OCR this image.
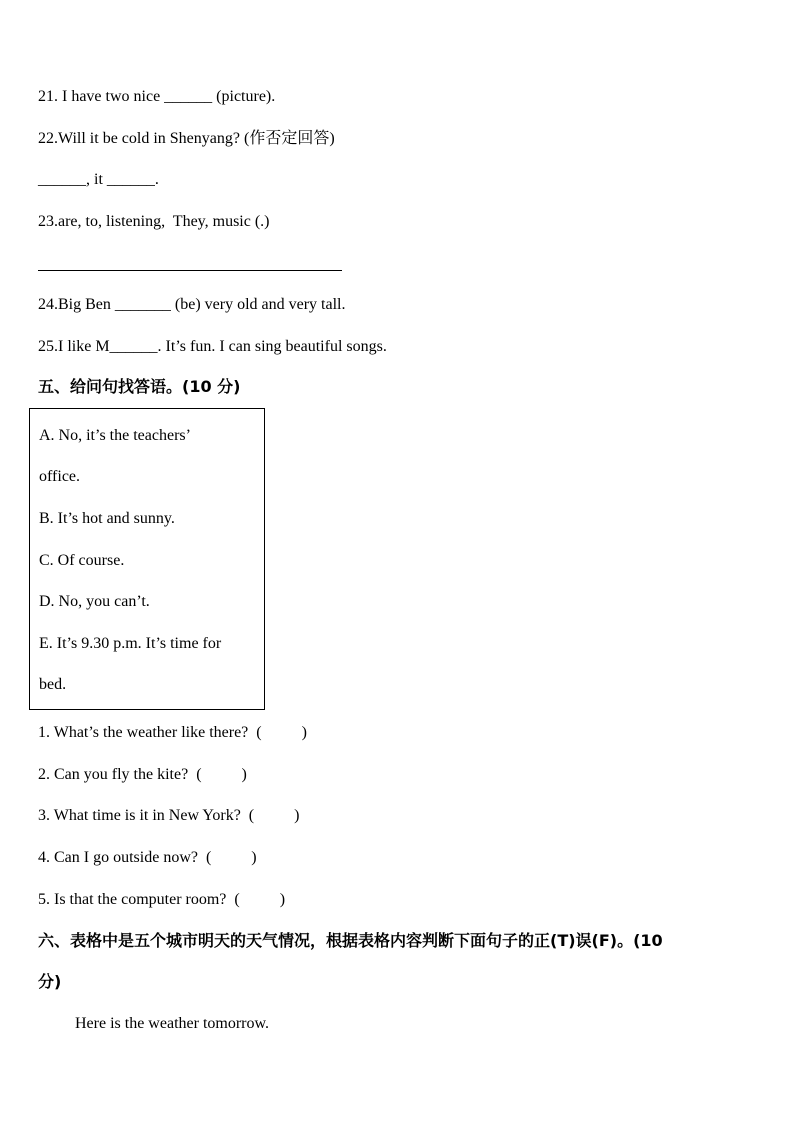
21. I have two nice ______ (picture).
22.Will it be cold in Shenyang? (作否定回答)
______, it ______.
23.are, to, listening,  They, music (.)
24.Big Ben _______ (be) very old and very tall.
25.I like M______. It’s fun. I can sing beautiful songs.
五、给问句找答语。(10 分)
A. No, it’s the teachers’
office.
B. It’s hot and sunny.
C. Of course.
D. No, you can’t.
E. It’s 9.30 p.m. It’s time for
bed.
1. What’s the weather like there?  (          )
2. Can you fly the kite?  (          )
3. What time is it in New York?  (          )
4. Can I go outside now?  (          )
5. Is that the computer room?  (          )
六、表格中是五个城市明天的天气情况，根据表格内容判断下面句子的正(T)误(F)。(10
分)
Here is the weather tomorrow.
